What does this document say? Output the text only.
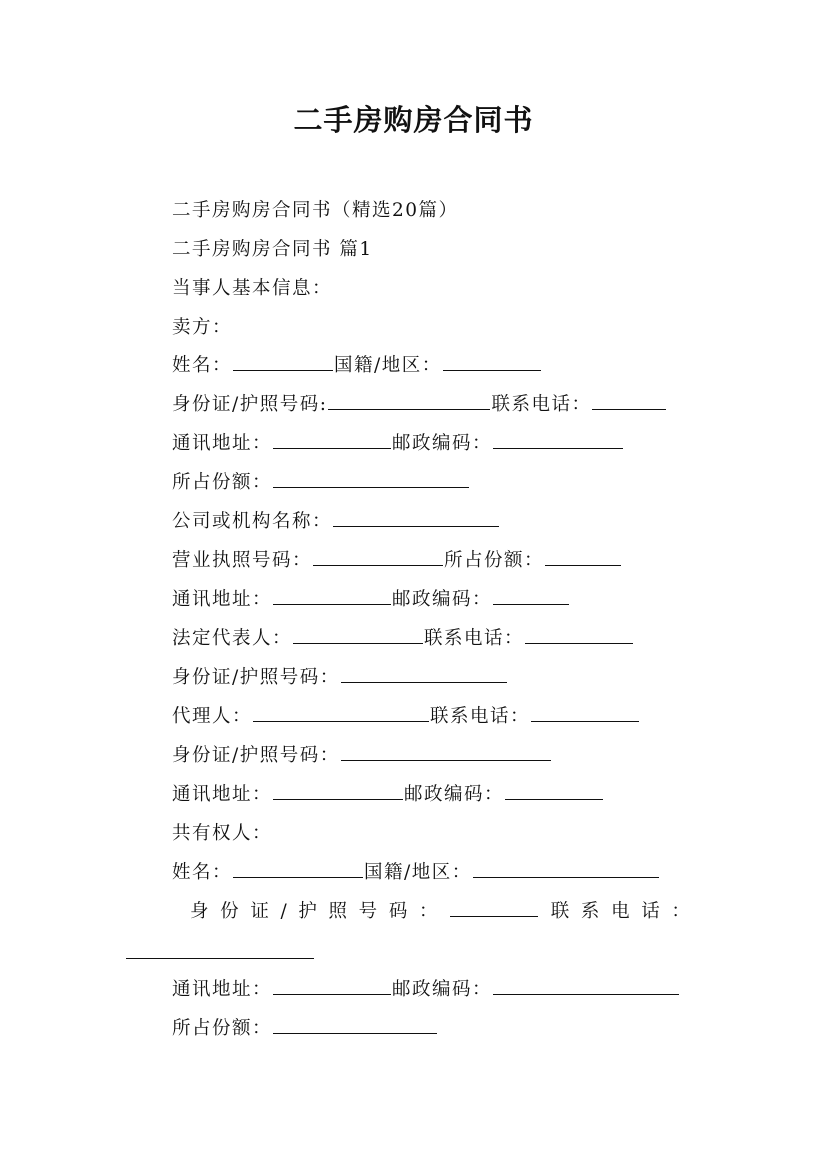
二手房购房合同书
二手房购房合同书（精选20篇）
二手房购房合同书 篇1
当事人基本信息：
卖方：
姓名：	国籍/地区：
身份证/护照号码:	联系电话：
通讯地址：	邮政编码：
所占份额：
公司或机构名称：
营业执照号码：	所占份额：
通讯地址：	邮政编码：
法定代表人：	联系电话：
身份证/护照号码：
代理人：	联系电话：
身份证/护照号码：
通讯地址：	邮政编码：
共有权人：
姓名：	国籍/地区：
身 份 证 / 护 照 号 码 ：	联 系 电 话 ：
通讯地址：	邮政编码：
所占份额：
